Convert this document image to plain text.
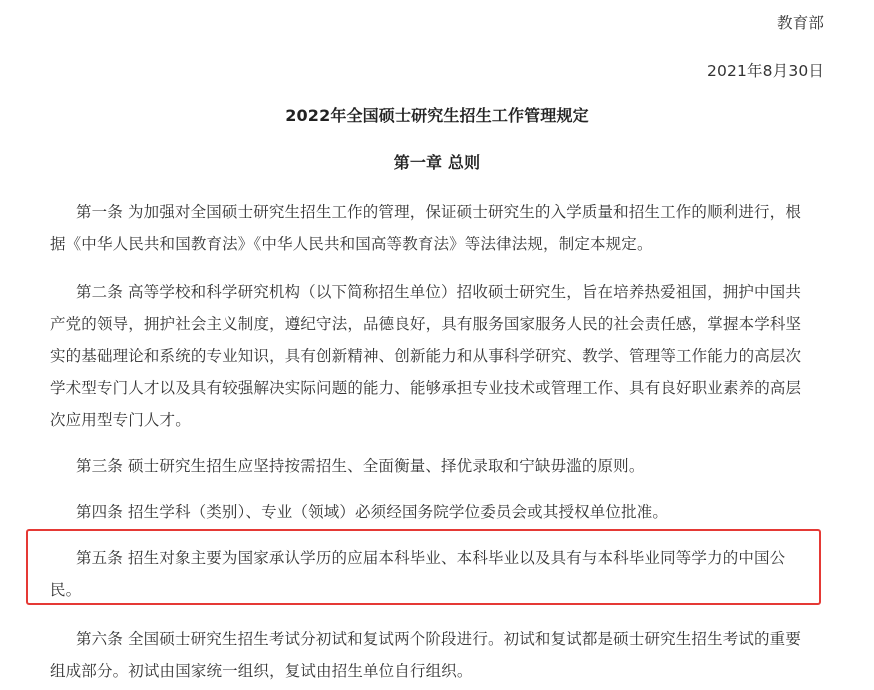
教育部
2021年8月30日
2022年全国硕士研究生招生工作管理规定
第一章 总则
第一条 为加强对全国硕士研究生招生工作的管理，保证硕士研究生的入学质量和招生工作的顺利进行，根
据《中华人民共和国教育法》《中华人民共和国高等教育法》等法律法规，制定本规定。
第二条 高等学校和科学研究机构（以下简称招生单位）招收硕士研究生，旨在培养热爱祖国，拥护中国共
产党的领导，拥护社会主义制度，遵纪守法，品德良好，具有服务国家服务人民的社会责任感，掌握本学科坚
实的基础理论和系统的专业知识，具有创新精神、创新能力和从事科学研究、教学、管理等工作能力的高层次
学术型专门人才以及具有较强解决实际问题的能力、能够承担专业技术或管理工作、具有良好职业素养的高层
次应用型专门人才。
第三条 硕士研究生招生应坚持按需招生、全面衡量、择优录取和宁缺毋滥的原则。
第四条 招生学科（类别）、专业（领域）必须经国务院学位委员会或其授权单位批准。
第五条 招生对象主要为国家承认学历的应届本科毕业、本科毕业以及具有与本科毕业同等学力的中国公
民。
第六条 全国硕士研究生招生考试分初试和复试两个阶段进行。初试和复试都是硕士研究生招生考试的重要
组成部分。初试由国家统一组织，复试由招生单位自行组织。
